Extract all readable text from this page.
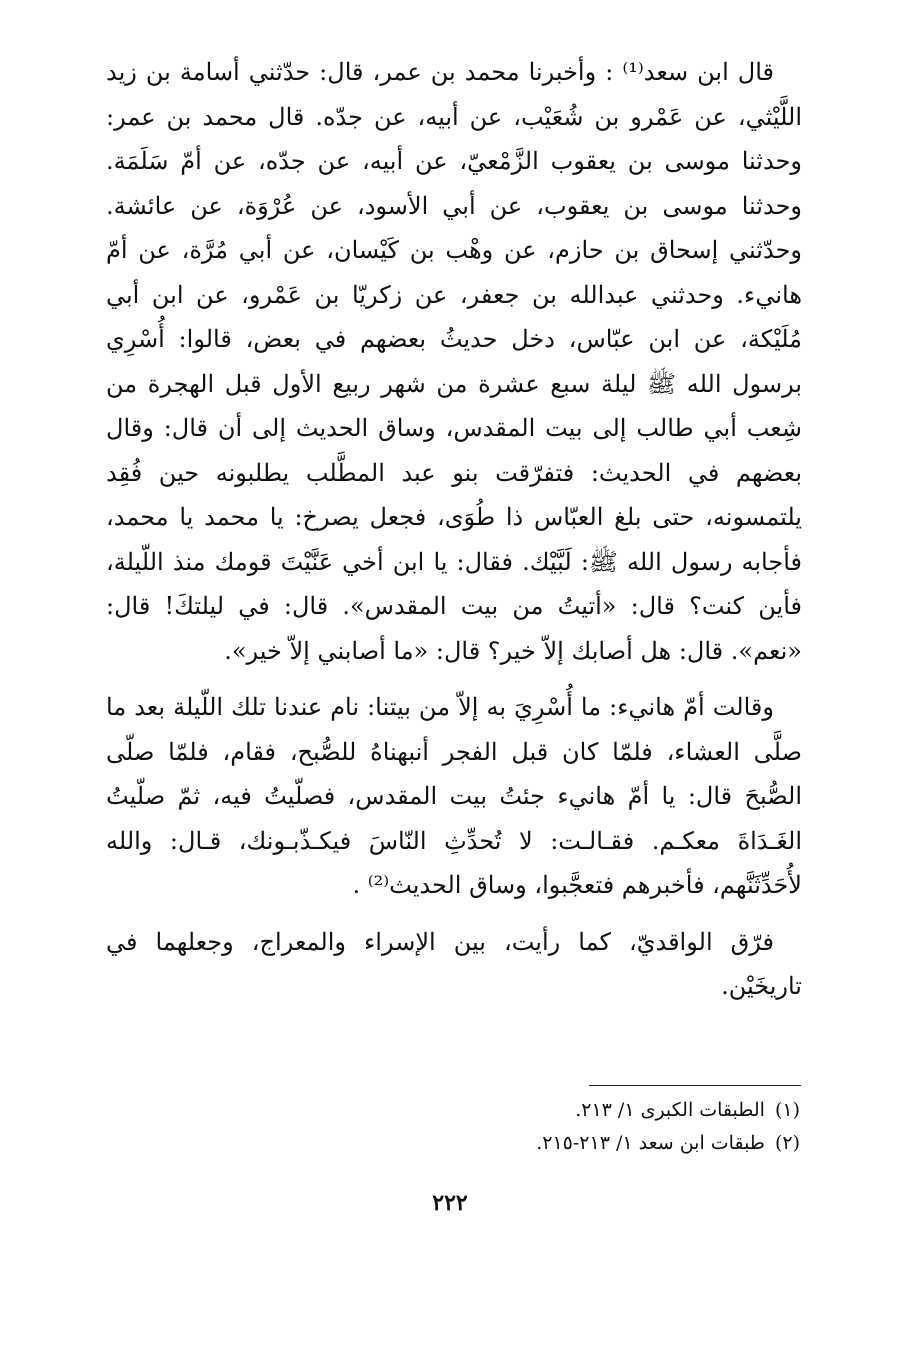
قال ابن سعد⁽¹⁾ : وأخبرنا محمد بن عمر، قال: حدّثني أسامة بن زيد اللَّيْثي، عن عَمْرو بن شُعَيْب، عن أبيه، عن جدّه. قال محمد بن عمر: وحدثنا موسى بن يعقوب الزَّمْعيّ، عن أبيه، عن جدّه، عن أمّ سَلَمَة. وحدثنا موسى بن يعقوب، عن أبي الأسود، عن عُرْوَة، عن عائشة. وحدّثني إسحاق بن حازم، عن وهْب بن كَيْسان، عن أبي مُرَّة، عن أمّ هانيء. وحدثني عبدالله بن جعفر، عن زكريّا بن عَمْرو، عن ابن أبي مُلَيْكة، عن ابن عبّاس، دخل حديثُ بعضهم في بعض، قالوا: أُسْرِي برسول الله ﷺ ليلة سبع عشرة من شهر ربيع الأول قبل الهجرة من شِعب أبي طالب إلى بيت المقدس، وساق الحديث إلى أن قال: وقال بعضهم في الحديث: فتفرّقت بنو عبد المطَّلب يطلبونه حين فُقِد يلتمسونه، حتى بلغ العبّاس ذا طُوَى، فجعل يصرخ: يا محمد يا محمد، فأجابه رسول الله ﷺ: لَبَّيْك. فقال: يا ابن أخي عَنَّيْتَ قومك منذ اللّيلة، فأين كنت؟ قال: «أتيتُ من بيت المقدس». قال: في ليلتكَ! قال: «نعم». قال: هل أصابك إلاّ خير؟ قال: «ما أصابني إلاّ خير».

وقالت أمّ هانيء: ما أُسْرِيَ به إلاّ من بيتنا: نام عندنا تلك اللّيلة بعد ما صلَّى العشاء، فلمّا كان قبل الفجر أنبهناهُ للصُّبح، فقام، فلمّا صلّى الصُّبحَ قال: يا أمّ هانيء جئتُ بيت المقدس، فصلّيتُ فيه، ثمّ صلّيتُ الغَـدَاةَ معكـم. فقـالـت: لا تُحدِّثِ النّاسَ فيكـذّبـونك، قـال: والله لأُحَدِّثَنَّهم، فأخبرهم فتعجَّبوا، وساق الحديث⁽²⁾ .

فرّق الواقديّ، كما رأيت، بين الإسراء والمعراج، وجعلهما في تاريخَيْن.

(١)الطبقات الكبرى ١/ ٢١٣.
(٢)طبقات ابن سعد ١/ ٢١٣-٢١٥.
٢٢٢
